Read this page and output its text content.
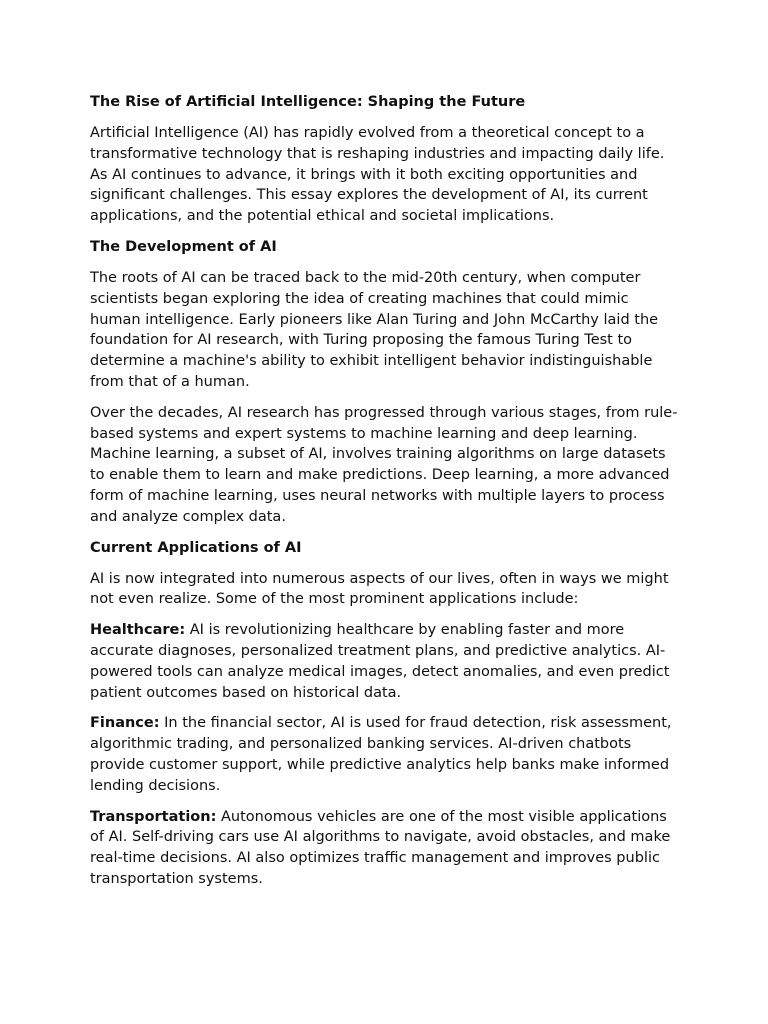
The Rise of Artificial Intelligence: Shaping the Future

Artificial Intelligence (AI) has rapidly evolved from a theoretical concept to a transformative technology that is reshaping industries and impacting daily life. As AI continues to advance, it brings with it both exciting opportunities and significant challenges. This essay explores the development of AI, its current applications, and the potential ethical and societal implications.

The Development of AI

The roots of AI can be traced back to the mid-20th century, when computer scientists began exploring the idea of creating machines that could mimic human intelligence. Early pioneers like Alan Turing and John McCarthy laid the foundation for AI research, with Turing proposing the famous Turing Test to determine a machine's ability to exhibit intelligent behavior indistinguishable from that of a human.

Over the decades, AI research has progressed through various stages, from rule-based systems and expert systems to machine learning and deep learning. Machine learning, a subset of AI, involves training algorithms on large datasets to enable them to learn and make predictions. Deep learning, a more advanced form of machine learning, uses neural networks with multiple layers to process and analyze complex data.

Current Applications of AI

AI is now integrated into numerous aspects of our lives, often in ways we might not even realize. Some of the most prominent applications include:

Healthcare: AI is revolutionizing healthcare by enabling faster and more accurate diagnoses, personalized treatment plans, and predictive analytics. AI-powered tools can analyze medical images, detect anomalies, and even predict patient outcomes based on historical data.

Finance: In the financial sector, AI is used for fraud detection, risk assessment, algorithmic trading, and personalized banking services. AI-driven chatbots provide customer support, while predictive analytics help banks make informed lending decisions.

Transportation: Autonomous vehicles are one of the most visible applications of AI. Self-driving cars use AI algorithms to navigate, avoid obstacles, and make real-time decisions. AI also optimizes traffic management and improves public transportation systems.
